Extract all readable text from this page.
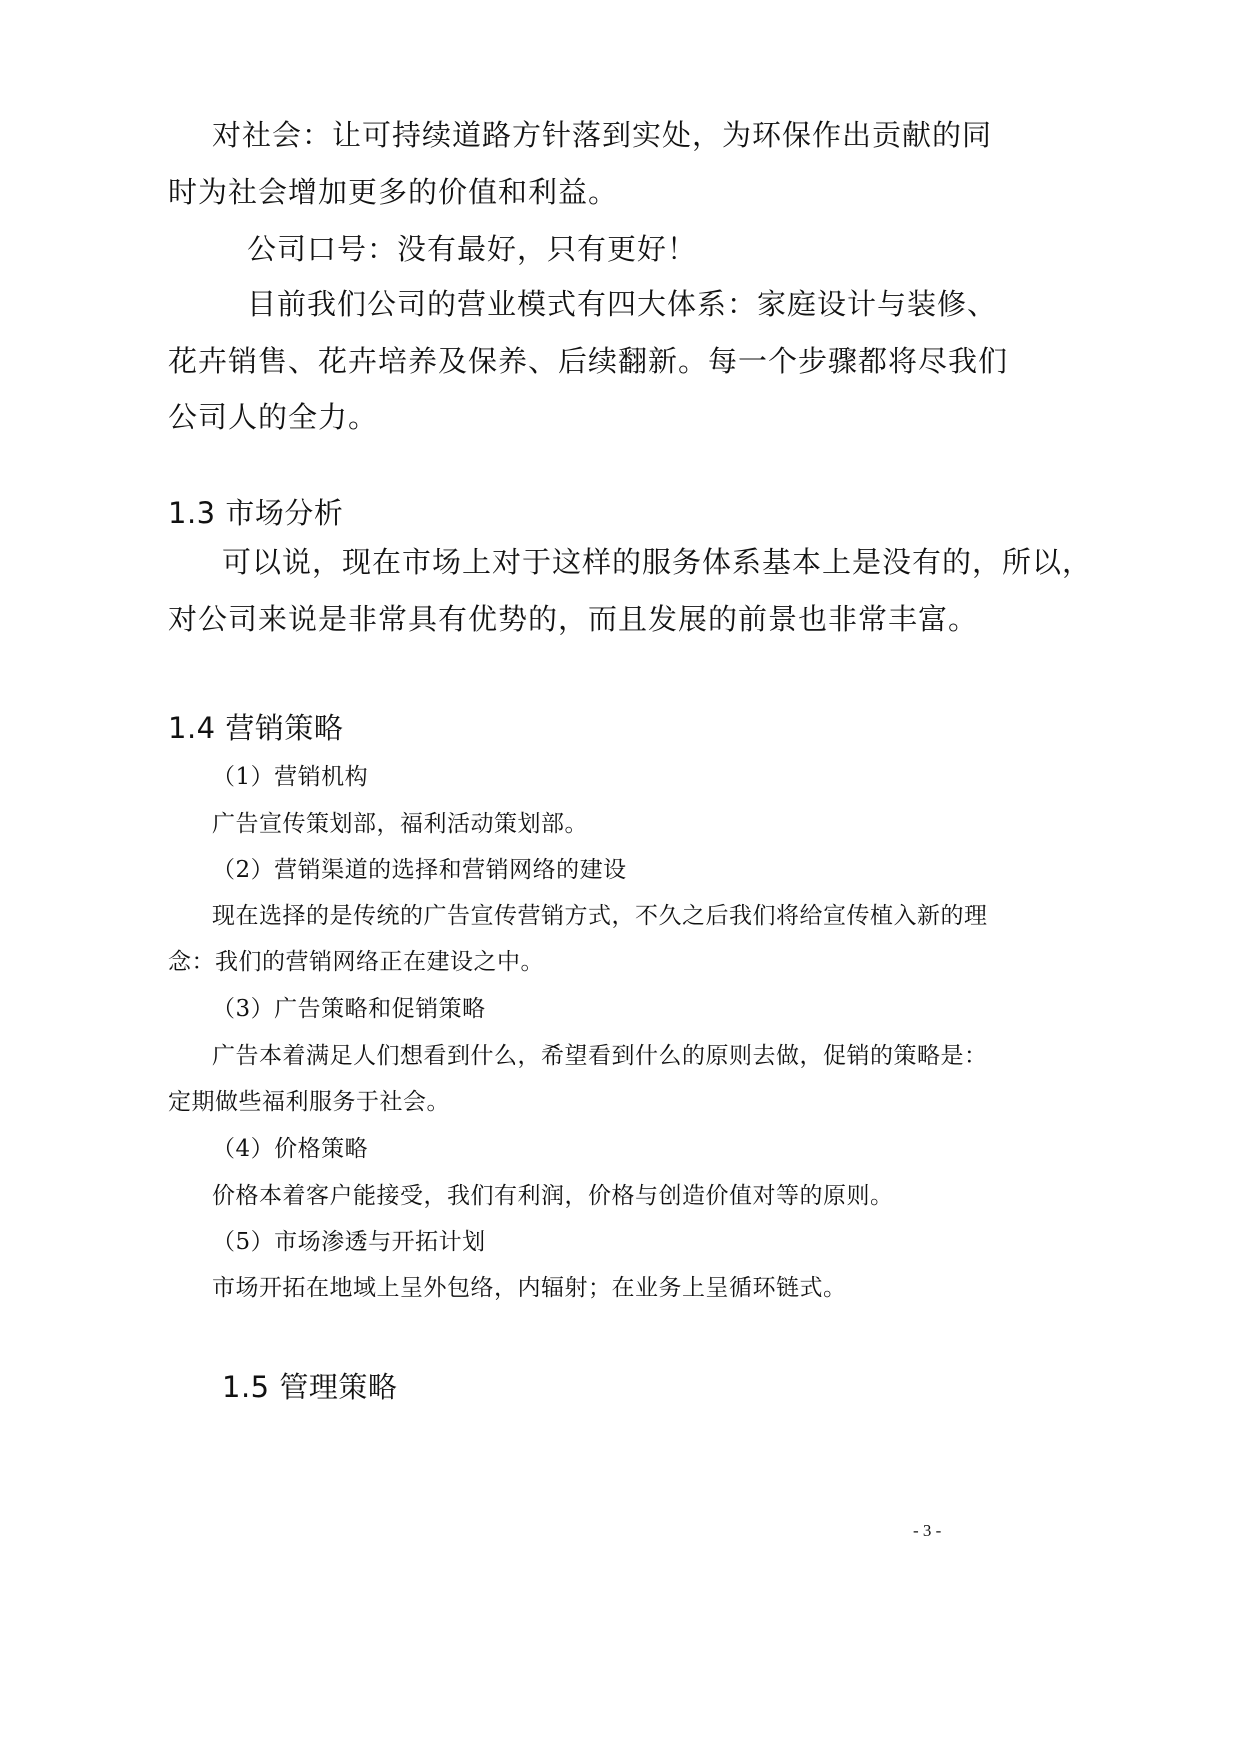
对社会：让可持续道路方针落到实处，为环保作出贡献的同
时为社会增加更多的价值和利益。
公司口号：没有最好，只有更好！
目前我们公司的营业模式有四大体系：家庭设计与装修、
花卉销售、花卉培养及保养、后续翻新。每一个步骤都将尽我们
公司人的全力。
1.3 市场分析
可以说，现在市场上对于这样的服务体系基本上是没有的，所以，
对公司来说是非常具有优势的，而且发展的前景也非常丰富。
1.4 营销策略
（1）营销机构
广告宣传策划部，福利活动策划部。
（2）营销渠道的选择和营销网络的建设
现在选择的是传统的广告宣传营销方式，不久之后我们将给宣传植入新的理
念：我们的营销网络正在建设之中。
（3）广告策略和促销策略
广告本着满足人们想看到什么，希望看到什么的原则去做，促销的策略是：
定期做些福利服务于社会。
（4）价格策略
价格本着客户能接受，我们有利润，价格与创造价值对等的原则。
（5）市场渗透与开拓计划
市场开拓在地域上呈外包络，内辐射；在业务上呈循环链式。
1.5 管理策略
- 3 -
